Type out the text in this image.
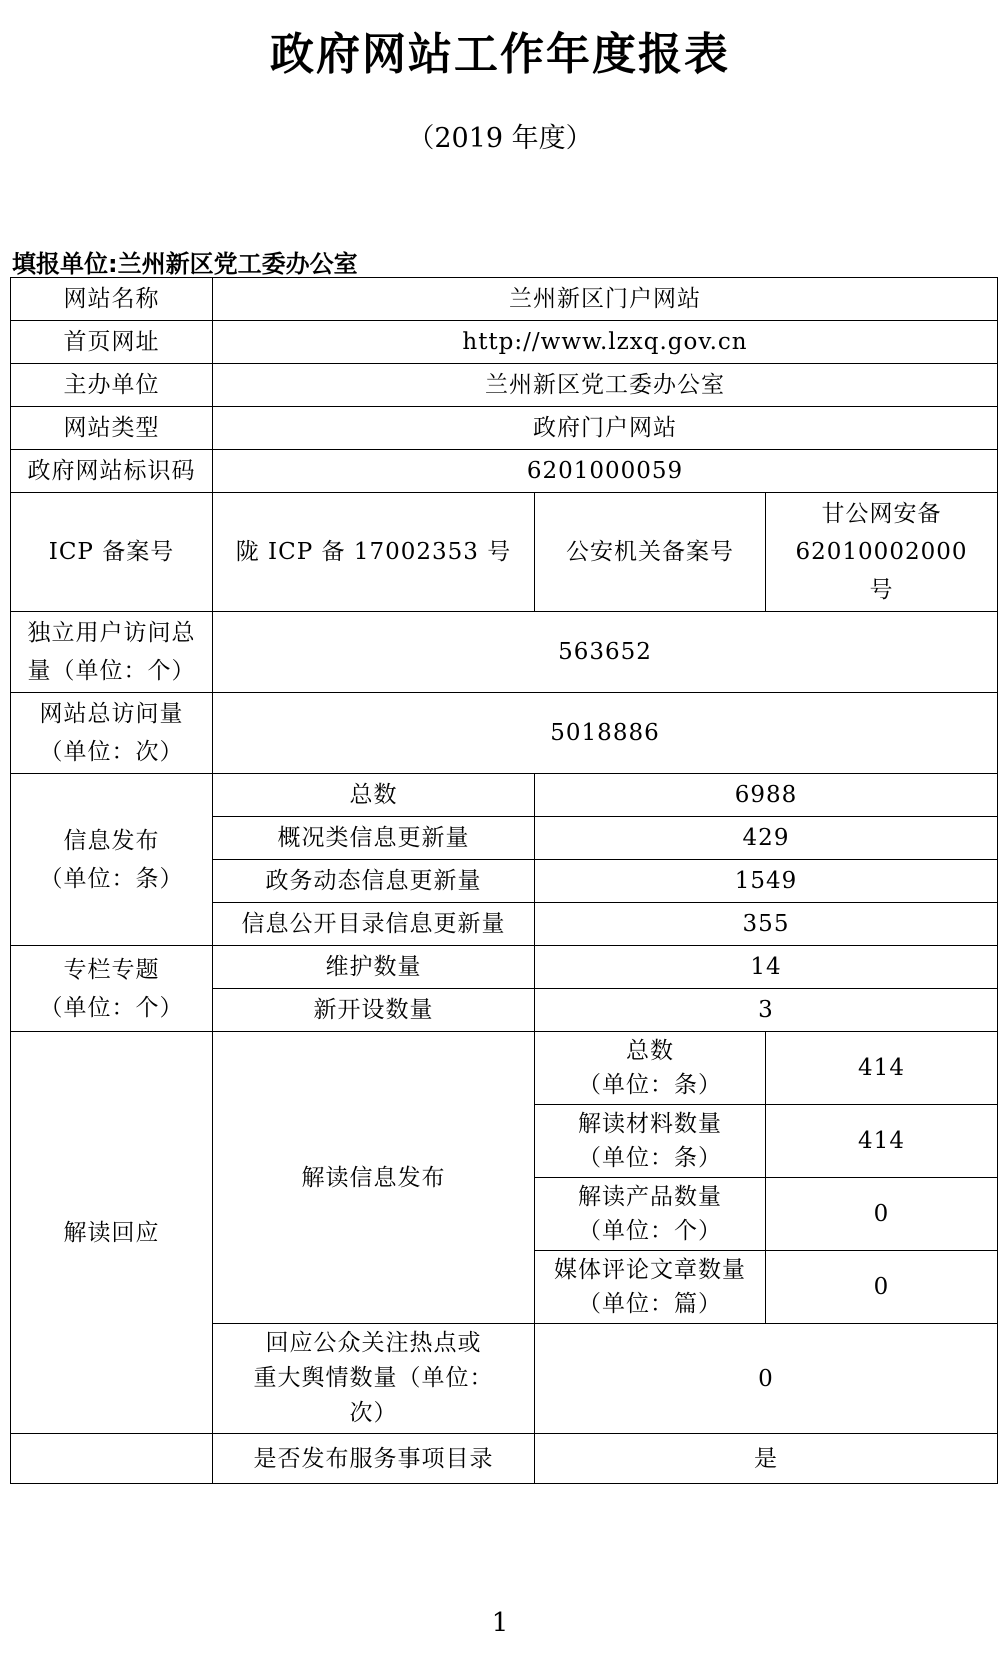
政府网站工作年度报表
（2019 年度）
填报单位:兰州新区党工委办公室
网站名称	兰州新区门户网站		
首页网址	http://www.lzxq.gov.cn		
主办单位	兰州新区党工委办公室		
网站类型	政府门户网站		
政府网站标识码	6201000059		
ICP 备案号	陇 ICP 备 17002353 号	公安机关备案号	甘公网安备
62010002000
号

独立用户访问总
量（单位：个）	563652		

网站总访问量
（单位：次）	5018886		

信息发布
（单位：条）	总数	6988	
	概况类信息更新量	429	
	政务动态信息更新量	1549	
	信息公开目录信息更新量	355	

专栏专题
（单位：个）	维护数量	14	
	新开设数量	3	
解读回应	解读信息发布	总数
（单位：条）	414

		解读材料数量
（单位：条）	414

		解读产品数量
（单位：个）	0

		媒体评论文章数量
（单位：篇）	0

	回应公众关注热点或
重大舆情数量（单位：
次）	0	
	是否发布服务事项目录	是	
1
